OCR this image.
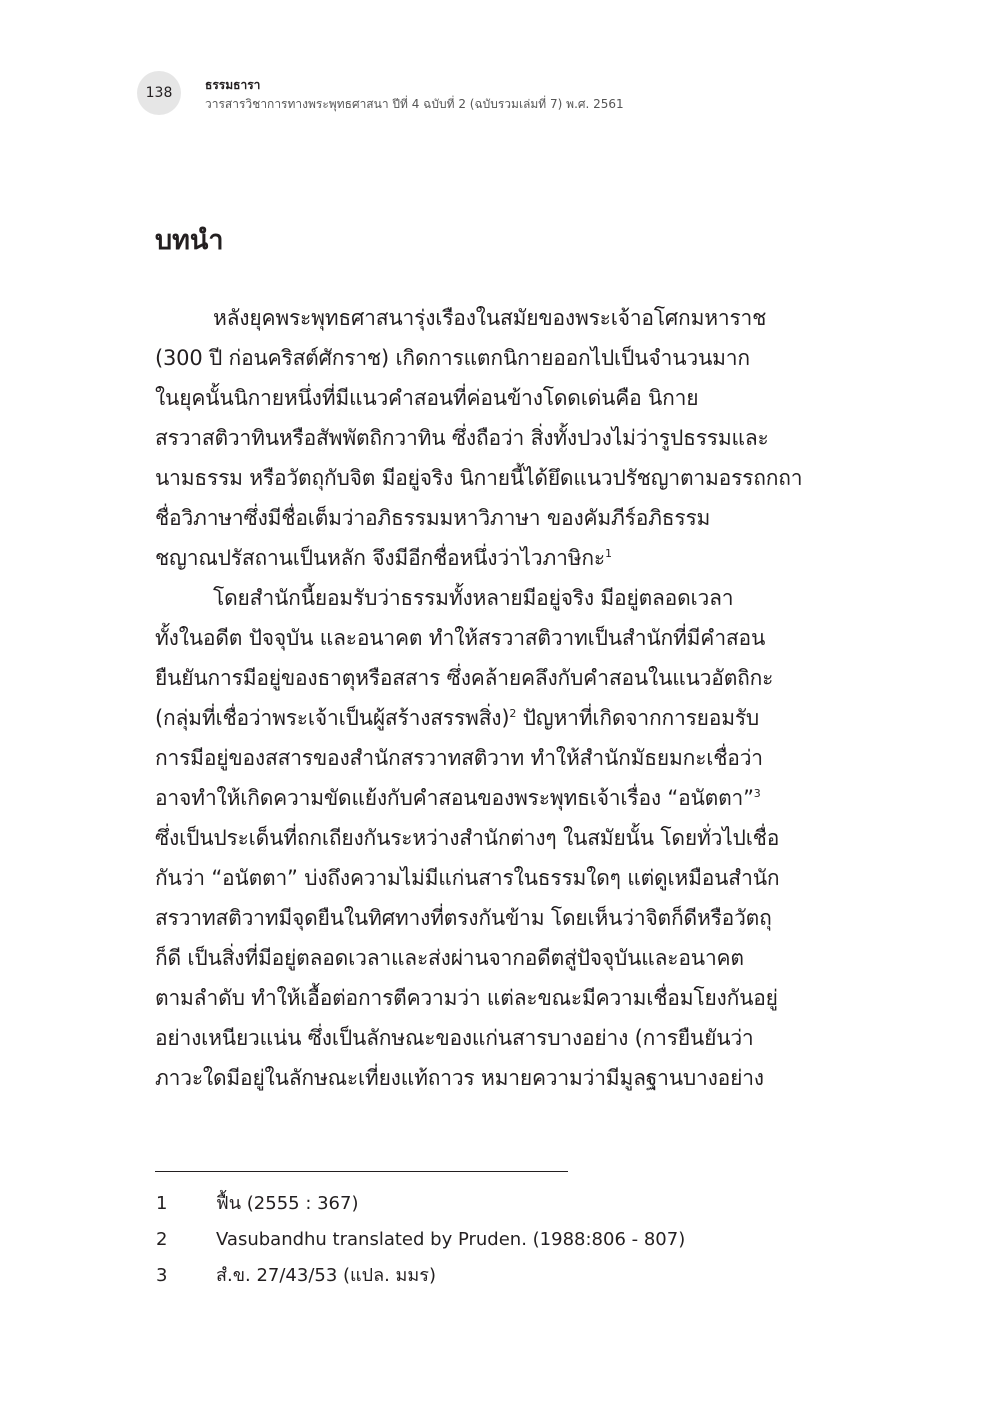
138	ธรรมธารา
วารสารวิชาการทางพระพุทธศาสนา ปีที่ 4 ฉบับที่ 2 (ฉบับรวมเล่มที่ 7) พ.ศ. 2561
บทนำ
หลังยุคพระพุทธศาสนารุ่งเรืองในสมัยของพระเจ้าอโศกมหาราช
(300 ปี ก่อนคริสต์ศักราช) เกิดการแตกนิกายออกไปเป็นจำนวนมาก
ในยุคนั้นนิกายหนึ่งที่มีแนวคำสอนที่ค่อนข้างโดดเด่นคือ นิกาย
สรวาสติวาทินหรือสัพพัตถิกวาทิน ซึ่งถือว่า สิ่งทั้งปวงไม่ว่ารูปธรรมและ
นามธรรม หรือวัตถุกับจิต มีอยู่จริง นิกายนี้ได้ยึดแนวปรัชญาตามอรรถกถา
ชื่อวิภาษาซึ่งมีชื่อเต็มว่าอภิธรรมมหาวิภาษา ของคัมภีร์อภิธรรม
ชญาณปรัสถานเป็นหลัก จึงมีอีกชื่อหนึ่งว่าไวภาษิกะ$^1$
โดยสำนักนี้ยอมรับว่าธรรมทั้งหลายมีอยู่จริง มีอยู่ตลอดเวลา
ทั้งในอดีต ปัจจุบัน และอนาคต ทำให้สรวาสติวาทเป็นสำนักที่มีคำสอน
ยืนยันการมีอยู่ของธาตุหรือสสาร ซึ่งคล้ายคลึงกับคำสอนในแนวอัตถิกะ
(กลุ่มที่เชื่อว่าพระเจ้าเป็นผู้สร้างสรรพสิ่ง)$^2$ ปัญหาที่เกิดจากการยอมรับ
การมีอยู่ของสสารของสำนักสรวาทสติวาท ทำให้สำนักมัธยมกะเชื่อว่า
อาจทำให้เกิดความขัดแย้งกับคำสอนของพระพุทธเจ้าเรื่อง “อนัตตา”$^3$
ซึ่งเป็นประเด็นที่ถกเถียงกันระหว่างสำนักต่างๆ ในสมัยนั้น โดยทั่วไปเชื่อ
กันว่า “อนัตตา” บ่งถึงความไม่มีแก่นสารในธรรมใดๆ แต่ดูเหมือนสำนัก
สรวาทสติวาทมีจุดยืนในทิศทางที่ตรงกันข้าม โดยเห็นว่าจิตก็ดีหรือวัตถุ
ก็ดี เป็นสิ่งที่มีอยู่ตลอดเวลาและส่งผ่านจากอดีตสู่ปัจจุบันและอนาคต
ตามลำดับ ทำให้เอื้อต่อการตีความว่า แต่ละขณะมีความเชื่อมโยงกันอยู่
อย่างเหนียวแน่น ซึ่งเป็นลักษณะของแก่นสารบางอย่าง (การยืนยันว่า
ภาวะใดมีอยู่ในลักษณะเที่ยงแท้ถาวร หมายความว่ามีมูลฐานบางอย่าง
1	ฟื้น (2555 : 367)
2	Vasubandhu translated by Pruden. (1988:806 - 807)
3	สํ.ข. 27/43/53 (แปล. มมร)
